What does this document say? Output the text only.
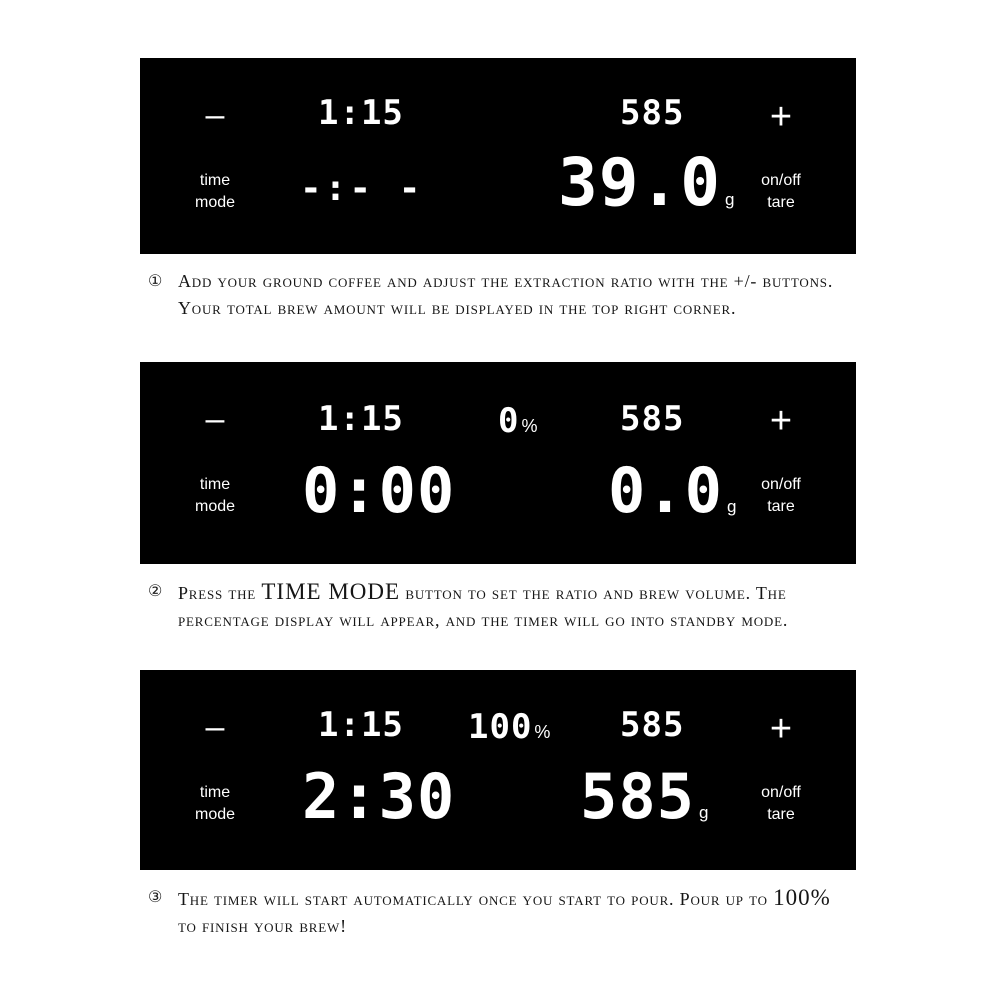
–
time
mode
1:15	585
-:- - 39.0 g
+
on/off
tare
① Add your ground coffee and adjust the extraction ratio with the +/- buttons. Your total brew amount will be displayed in the top right corner.
–
time
mode
1:15	0 % 585
0:00 0.0 g
+
on/off
tare
② Press the TIME MODE button to set the ratio and brew volume. The percentage display will appear, and the timer will go into standby mode.
–
time
mode
1:15 100 % 585
2:30 585 g
+
on/off
tare
③ The timer will start automatically once you start to pour. Pour up to 100% to finish your brew!
